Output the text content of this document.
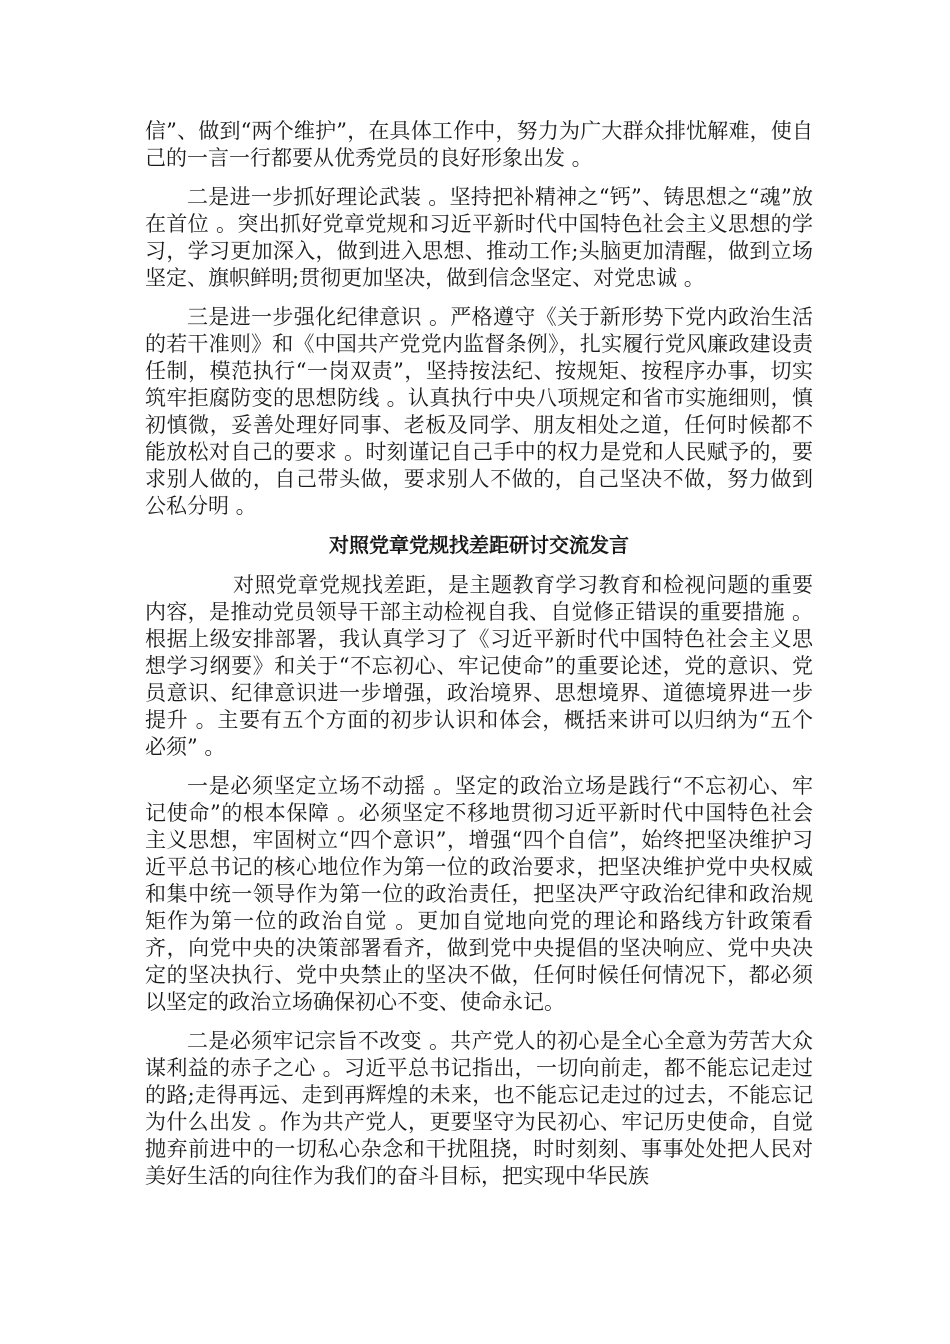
信”、做到“两个维护”，在具体工作中，努力为广大群众排忧解难，使自己的一言一行都要从优秀党员的良好形象出发 。

二是进一步抓好理论武装 。坚持把补精神之“钙”、铸思想之“魂”放在首位 。突出抓好党章党规和习近平新时代中国特色社会主义思想的学习，学习更加深入，做到进入思想、推动工作;头脑更加清醒，做到立场坚定、旗帜鲜明;贯彻更加坚决，做到信念坚定、对党忠诚 。

三是进一步强化纪律意识 。严格遵守《关于新形势下党内政治生活的若干准则》和《中国共产党党内监督条例》，扎实履行党风廉政建设责任制，模范执行“一岗双责”，坚持按法纪、按规矩、按程序办事，切实筑牢拒腐防变的思想防线 。认真执行中央八项规定和省市实施细则，慎初慎微，妥善处理好同事、老板及同学、朋友相处之道，任何时候都不能放松对自己的要求 。时刻谨记自己手中的权力是党和人民赋予的，要求别人做的，自己带头做，要求别人不做的，自己坚决不做，努力做到公私分明 。

对照党章党规找差距研讨交流发言

对照党章党规找差距，是主题教育学习教育和检视问题的重要内容，是推动党员领导干部主动检视自我、自觉修正错误的重要措施 。根据上级安排部署，我认真学习了《习近平新时代中国特色社会主义思想学习纲要》和关于“不忘初心、牢记使命”的重要论述，党的意识、党员意识、纪律意识进一步增强，政治境界、思想境界、道德境界进一步提升 。主要有五个方面的初步认识和体会，概括来讲可以归纳为“五个必须” 。

一是必须坚定立场不动摇 。坚定的政治立场是践行“不忘初心、牢记使命”的根本保障 。必须坚定不移地贯彻习近平新时代中国特色社会主义思想，牢固树立“四个意识”，增强“四个自信”，始终把坚决维护习近平总书记的核心地位作为第一位的政治要求，把坚决维护党中央权威和集中统一领导作为第一位的政治责任，把坚决严守政治纪律和政治规矩作为第一位的政治自觉 。更加自觉地向党的理论和路线方针政策看齐，向党中央的决策部署看齐，做到党中央提倡的坚决响应、党中央决定的坚决执行、党中央禁止的坚决不做，任何时候任何情况下，都必须以坚定的政治立场确保初心不变、使命永记。

二是必须牢记宗旨不改变 。共产党人的初心是全心全意为劳苦大众谋利益的赤子之心 。习近平总书记指出，一切向前走，都不能忘记走过的路;走得再远、走到再辉煌的未来，也不能忘记走过的过去，不能忘记为什么出发 。作为共产党人，更要坚守为民初心、牢记历史使命，自觉抛弃前进中的一切私心杂念和干扰阻挠，时时刻刻、事事处处把人民对美好生活的向往作为我们的奋斗目标，把实现中华民族
